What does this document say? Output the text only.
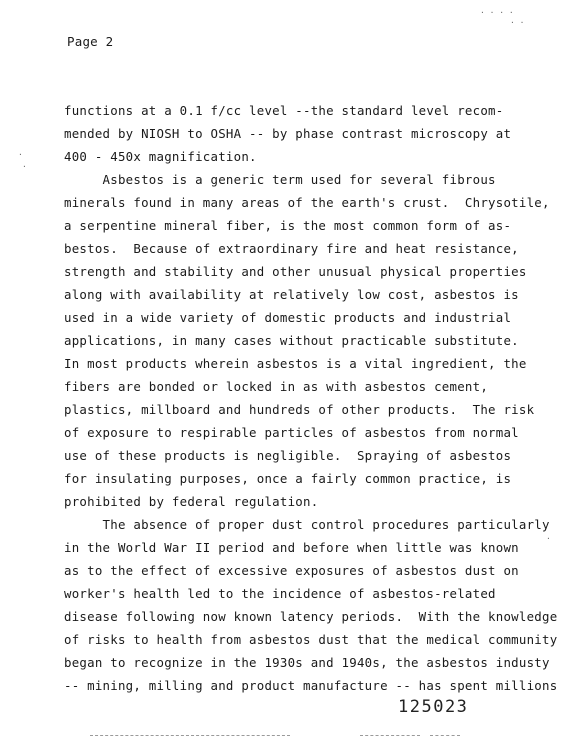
· · · ·
· ·
·
·
·
Page 2
functions at a 0.1 f/cc level --the standard level recom-
mended by NIOSH to OSHA -- by phase contrast microscopy at
400 - 450x magnification.
Asbestos is a generic term used for several fibrous
minerals found in many areas of the earth's crust.  Chrysotile,
a serpentine mineral fiber, is the most common form of as-
bestos.  Because of extraordinary fire and heat resistance,
strength and stability and other unusual physical properties
along with availability at relatively low cost, asbestos is
used in a wide variety of domestic products and industrial
applications, in many cases without practicable substitute.
In most products wherein asbestos is a vital ingredient, the
fibers are bonded or locked in as with asbestos cement,
plastics, millboard and hundreds of other products.  The risk
of exposure to respirable particles of asbestos from normal
use of these products is negligible.  Spraying of asbestos
for insulating purposes, once a fairly common practice, is
prohibited by federal regulation.
The absence of proper dust control procedures particularly
in the World War II period and before when little was known
as to the effect of excessive exposures of asbestos dust on
worker's health led to the incidence of asbestos-related
disease following now known latency periods.  With the knowledge
of risks to health from asbestos dust that the medical community
began to recognize in the 1930s and 1940s, the asbestos industy
-- mining, milling and product manufacture -- has spent millions
125023
